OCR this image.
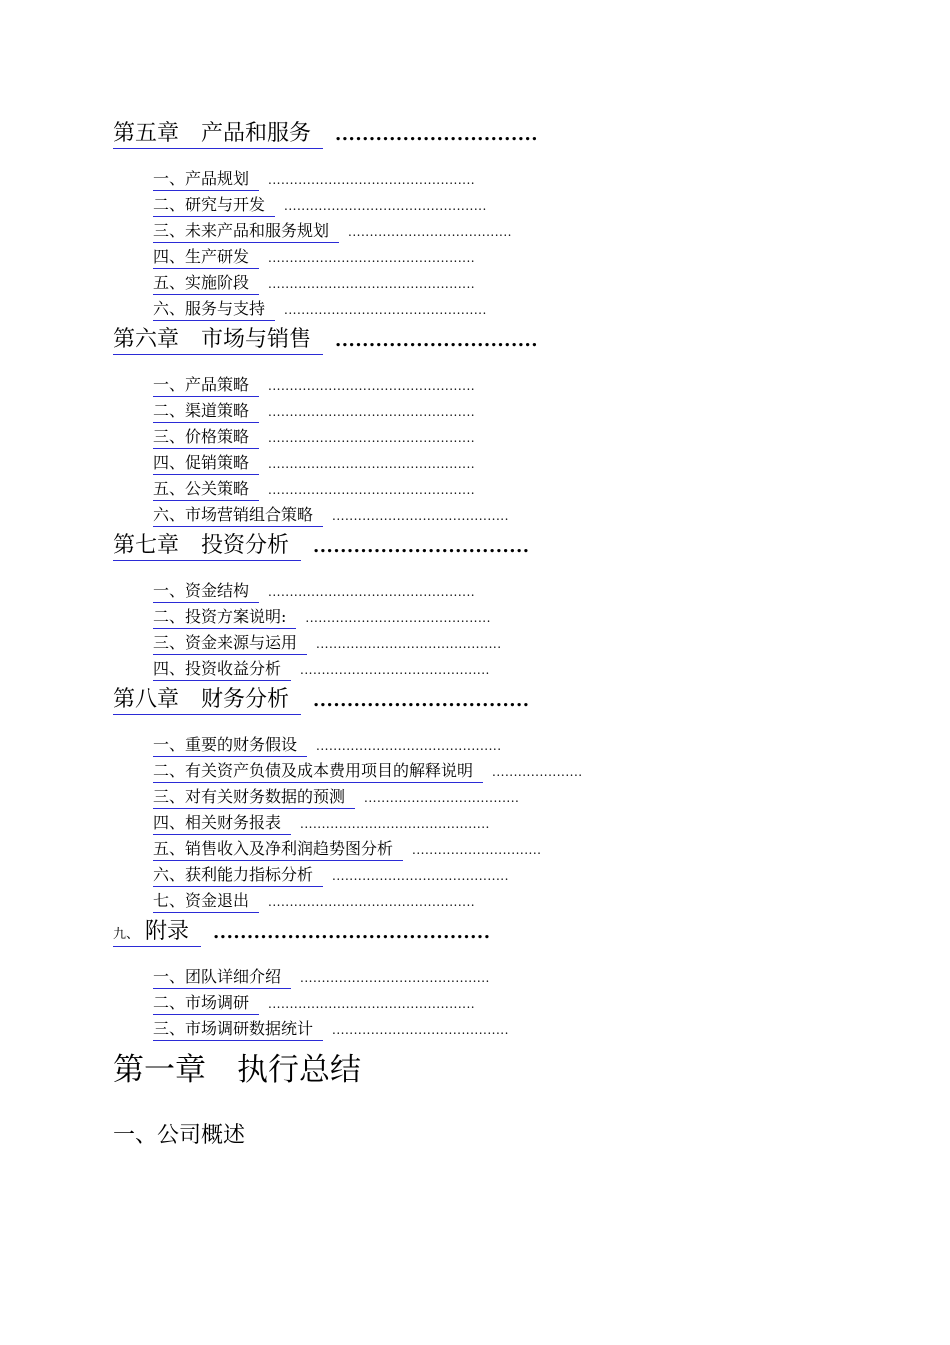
第五章　产品和服务	..............................
一、产品规划	................................................
二、研究与开发	...............................................
三、未来产品和服务规划	......................................
四、生产研发	................................................
五、实施阶段	................................................
六、服务与支持	...............................................
第六章　市场与销售	..............................
一、产品策略	................................................
二、渠道策略	................................................
三、价格策略	................................................
四、促销策略	................................................
五、公关策略	................................................
六、市场营销组合策略	.........................................
第七章　投资分析	................................
一、资金结构	................................................
二、投资方案说明:	...........................................
三、资金来源与运用	...........................................
四、投资收益分析	............................................
第八章　财务分析	................................
一、重要的财务假设	...........................................
二、有关资产负债及成本费用项目的解释说明	.....................
三、对有关财务数据的预测	....................................
四、相关财务报表	............................................
五、销售收入及净利润趋势图分析	..............................
六、获利能力指标分析	.........................................
七、资金退出	................................................
九、 附录	.........................................
一、团队详细介绍	............................................
二、市场调研	................................................
三、市场调研数据统计	.........................................
第一章　执行总结
一、公司概述
